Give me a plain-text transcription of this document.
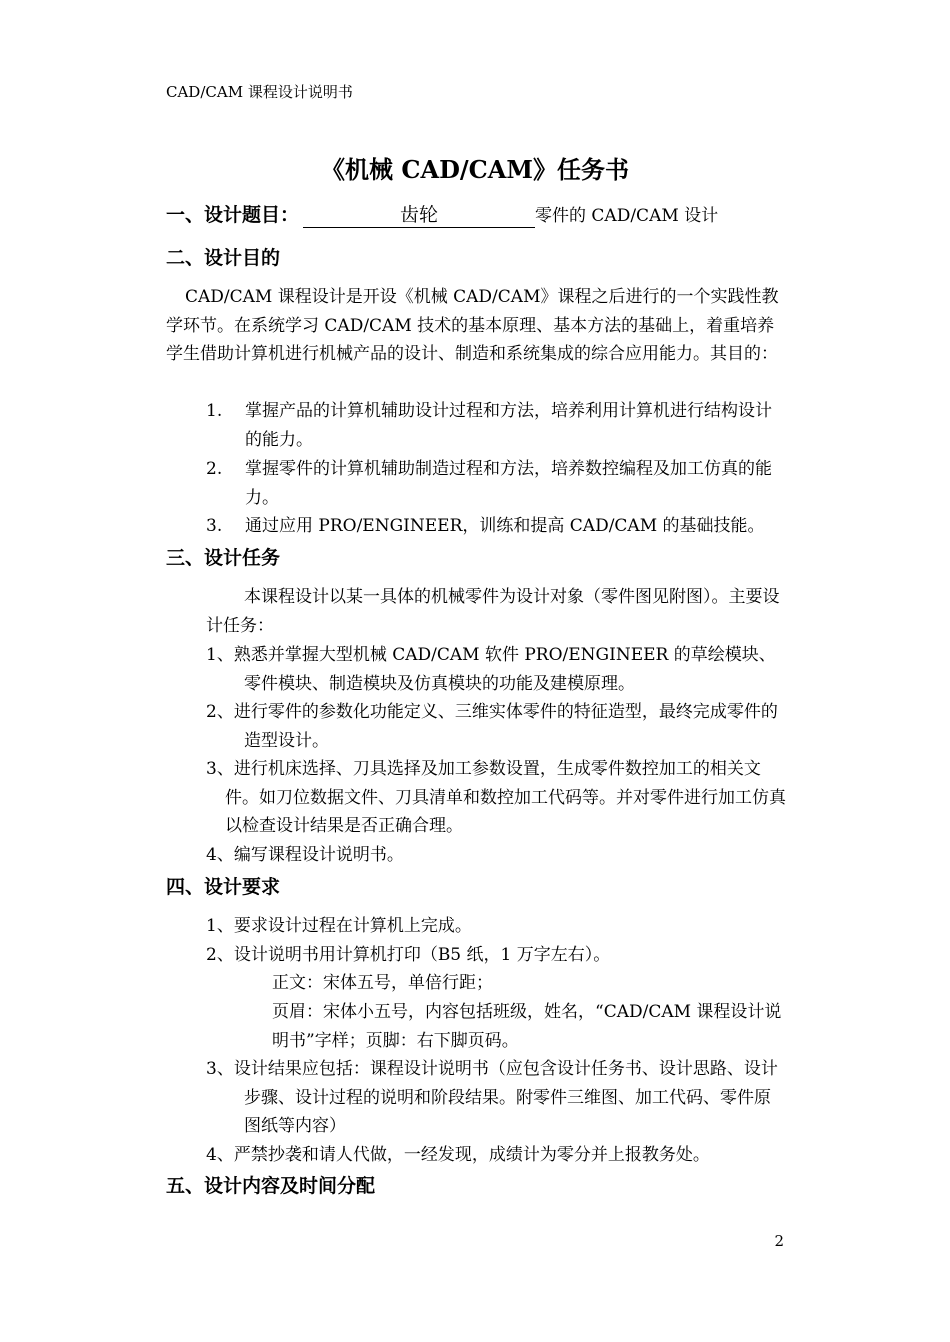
CAD/CAM 课程设计说明书
《机械 CAD/CAM》任务书
一、设计题目：	齿轮	零件的 CAD/CAM 设计
二、设计目的
CAD/CAM 课程设计是开设《机械 CAD/CAM》课程之后进行的一个实践性教学环节。在系统学习 CAD/CAM 技术的基本原理、基本方法的基础上，着重培养学生借助计算机进行机械产品的设计、制造和系统集成的综合应用能力。其目的：
1. 掌握产品的计算机辅助设计过程和方法，培养利用计算机进行结构设计的能力。
2. 掌握零件的计算机辅助制造过程和方法，培养数控编程及加工仿真的能力。
3. 通过应用 PRO/ENGINEER，训练和提高 CAD/CAM 的基础技能。
三、设计任务
本课程设计以某一具体的机械零件为设计对象（零件图见附图）。主要设计任务：
1、熟悉并掌握大型机械 CAD/CAM 软件 PRO/ENGINEER 的草绘模块、零件模块、制造模块及仿真模块的功能及建模原理。
2、进行零件的参数化功能定义、三维实体零件的特征造型，最终完成零件的造型设计。
3、进行机床选择、刀具选择及加工参数设置，生成零件数控加工的相关文件。如刀位数据文件、刀具清单和数控加工代码等。并对零件进行加工仿真以检查设计结果是否正确合理。
4、编写课程设计说明书。
四、设计要求
1、要求设计过程在计算机上完成。
2、设计说明书用计算机打印（B5 纸，1 万字左右）。
正文：宋体五号，单倍行距；
页眉：宋体小五号，内容包括班级，姓名，“CAD/CAM 课程设计说明书”字样；页脚：右下脚页码。
3、设计结果应包括：课程设计说明书（应包含设计任务书、设计思路、设计步骤、设计过程的说明和阶段结果。附零件三维图、加工代码、零件原图纸等内容）
4、严禁抄袭和请人代做，一经发现，成绩计为零分并上报教务处。
五、设计内容及时间分配
2
